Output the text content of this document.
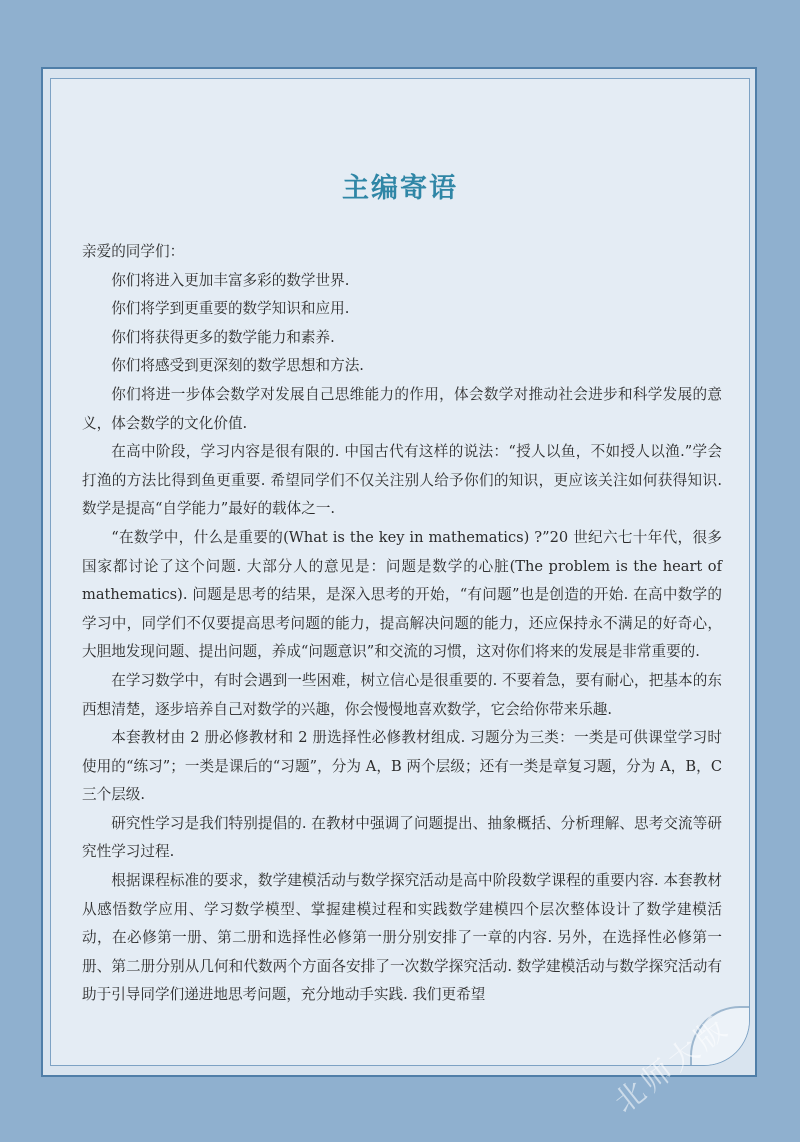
主编寄语

亲爱的同学们：

你们将进入更加丰富多彩的数学世界.

你们将学到更重要的数学知识和应用.

你们将获得更多的数学能力和素养.

你们将感受到更深刻的数学思想和方法.

你们将进一步体会数学对发展自己思维能力的作用，体会数学对推动社会进步和科学发展的意义，体会数学的文化价值.

在高中阶段，学习内容是很有限的. 中国古代有这样的说法：“授人以鱼，不如授人以渔.”学会打渔的方法比得到鱼更重要. 希望同学们不仅关注别人给予你们的知识，更应该关注如何获得知识. 数学是提高“自学能力”最好的载体之一.

“在数学中，什么是重要的(What is the key in mathematics) ?”20 世纪六七十年代，很多国家都讨论了这个问题. 大部分人的意见是：问题是数学的心脏(The problem is the heart of mathematics). 问题是思考的结果，是深入思考的开始，“有问题”也是创造的开始. 在高中数学的学习中，同学们不仅要提高思考问题的能力，提高解决问题的能力，还应保持永不满足的好奇心，大胆地发现问题、提出问题，养成“问题意识”和交流的习惯，这对你们将来的发展是非常重要的.

在学习数学中，有时会遇到一些困难，树立信心是很重要的. 不要着急，要有耐心，把基本的东西想清楚，逐步培养自己对数学的兴趣，你会慢慢地喜欢数学，它会给你带来乐趣.

本套教材由 2 册必修教材和 2 册选择性必修教材组成. 习题分为三类：一类是可供课堂学习时使用的“练习”；一类是课后的“习题”，分为 A，B 两个层级；还有一类是章复习题，分为 A，B，C 三个层级.

研究性学习是我们特别提倡的. 在教材中强调了问题提出、抽象概括、分析理解、思考交流等研究性学习过程.

根据课程标准的要求，数学建模活动与数学探究活动是高中阶段数学课程的重要内容. 本套教材从感悟数学应用、学习数学模型、掌握建模过程和实践数学建模四个层次整体设计了数学建模活动，在必修第一册、第二册和选择性必修第一册分别安排了一章的内容. 另外，在选择性必修第一册、第二册分别从几何和代数两个方面各安排了一次数学探究活动. 数学建模活动与数学探究活动有助于引导同学们递进地思考问题，充分地动手实践. 我们更希望

北师大版
